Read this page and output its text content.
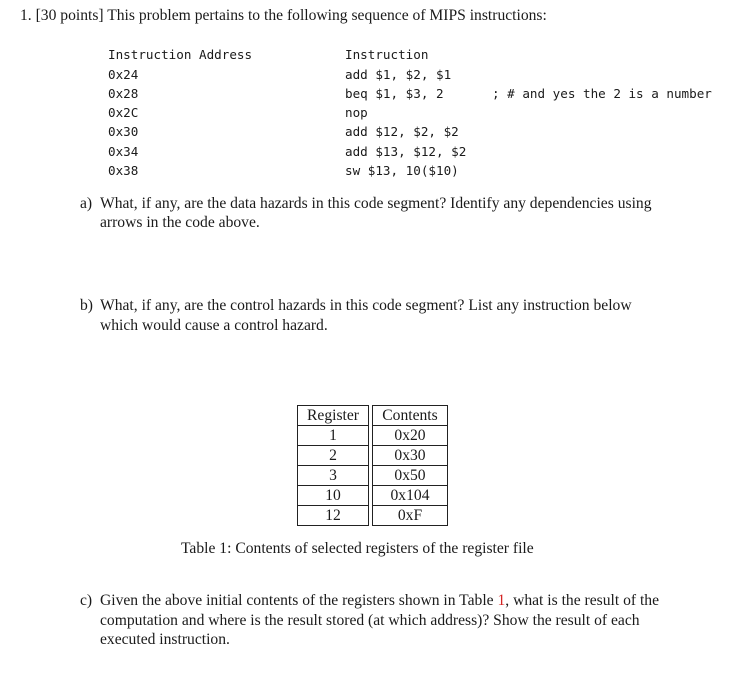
1. [30 points] This problem pertains to the following sequence of MIPS instructions:
Instruction Address	Instruction
0x24	add $1, $2, $1
0x28	beq $1, $3, 2	; # and yes the 2 is a number
0x2C	nop
0x30	add $12, $2, $2
0x34	add $13, $12, $2
0x38	sw $13, 10($10)
a) What, if any, are the data hazards in this code segment? Identify any dependencies using
arrows in the code above.
b) What, if any, are the control hazards in this code segment? List any instruction below
which would cause a control hazard.
Register		Contents
1		0x20
2		0x30
3		0x50
10		0x104
12		0xF
Table 1: Contents of selected registers of the register file
c) Given the above initial contents of the registers shown in Table 1, what is the result of the
computation and where is the result stored (at which address)? Show the result of each
executed instruction.
